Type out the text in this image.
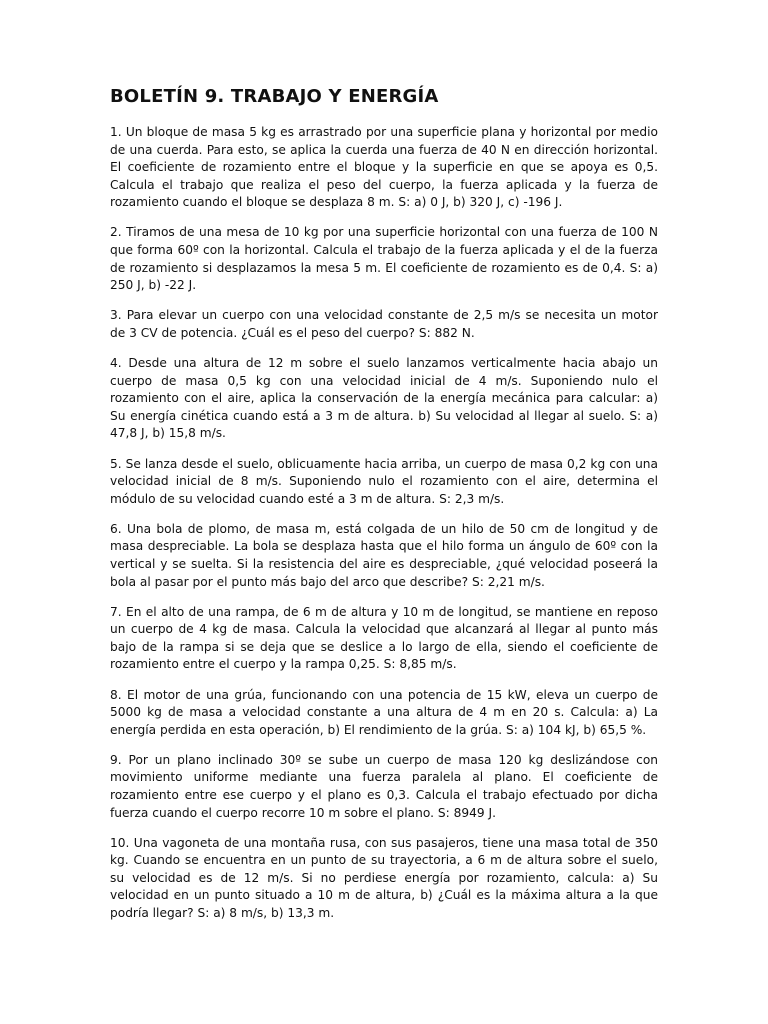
BOLETÍN 9. TRABAJO Y ENERGÍA

1. Un bloque de masa 5 kg es arrastrado por una superficie plana y horizontal por medio de una cuerda. Para esto, se aplica la cuerda una fuerza de 40 N en dirección horizontal. El coeficiente de rozamiento entre el bloque y la superficie en que se apoya es 0,5. Calcula el trabajo que realiza el peso del cuerpo, la fuerza aplicada y la fuerza de rozamiento cuando el bloque se desplaza 8 m. S: a) 0 J, b) 320 J, c) -196 J.

2. Tiramos de una mesa de 10 kg por una superficie horizontal con una fuerza de 100 N que forma 60º con la horizontal. Calcula el trabajo de la fuerza aplicada y el de la fuerza de rozamiento si desplazamos la mesa 5 m. El coeficiente de rozamiento es de 0,4. S: a) 250 J, b) -22 J.

3. Para elevar un cuerpo con una velocidad constante de 2,5 m/s se necesita un motor de 3 CV de potencia. ¿Cuál es el peso del cuerpo? S: 882 N.

4. Desde una altura de 12 m sobre el suelo lanzamos verticalmente hacia abajo un cuerpo de masa 0,5 kg con una velocidad inicial de 4 m/s. Suponiendo nulo el rozamiento con el aire, aplica la conservación de la energía mecánica para calcular: a) Su energía cinética cuando está a 3 m de altura. b) Su velocidad al llegar al suelo. S: a) 47,8 J, b) 15,8 m/s.

5. Se lanza desde el suelo, oblicuamente hacia arriba, un cuerpo de masa 0,2 kg con una velocidad inicial de 8 m/s. Suponiendo nulo el rozamiento con el aire, determina el módulo de su velocidad cuando esté a 3 m de altura. S: 2,3 m/s.

6. Una bola de plomo, de masa m, está colgada de un hilo de 50 cm de longitud y de masa despreciable. La bola se desplaza hasta que el hilo forma un ángulo de 60º con la vertical y se suelta. Si la resistencia del aire es despreciable, ¿qué velocidad poseerá la bola al pasar por el punto más bajo del arco que describe? S: 2,21 m/s.

7. En el alto de una rampa, de 6 m de altura y 10 m de longitud, se mantiene en reposo un cuerpo de 4 kg de masa. Calcula la velocidad que alcanzará al llegar al punto más bajo de la rampa si se deja que se deslice a lo largo de ella, siendo el coeficiente de rozamiento entre el cuerpo y la rampa 0,25. S: 8,85 m/s.

8. El motor de una grúa, funcionando con una potencia de 15 kW, eleva un cuerpo de 5000 kg de masa a velocidad constante a una altura de 4 m en 20 s. Calcula: a) La energía perdida en esta operación, b) El rendimiento de la grúa. S: a) 104 kJ, b) 65,5 %.

9. Por un plano inclinado 30º se sube un cuerpo de masa 120 kg deslizándose con movimiento uniforme mediante una fuerza paralela al plano. El coeficiente de rozamiento entre ese cuerpo y el plano es 0,3. Calcula el trabajo efectuado por dicha fuerza cuando el cuerpo recorre 10 m sobre el plano. S: 8949 J.

10. Una vagoneta de una montaña rusa, con sus pasajeros, tiene una masa total de 350 kg. Cuando se encuentra en un punto de su trayectoria, a 6 m de altura sobre el suelo, su velocidad es de 12 m/s. Si no perdiese energía por rozamiento, calcula: a) Su velocidad en un punto situado a 10 m de altura, b) ¿Cuál es la máxima altura a la que podría llegar? S: a) 8 m/s, b) 13,3 m.
